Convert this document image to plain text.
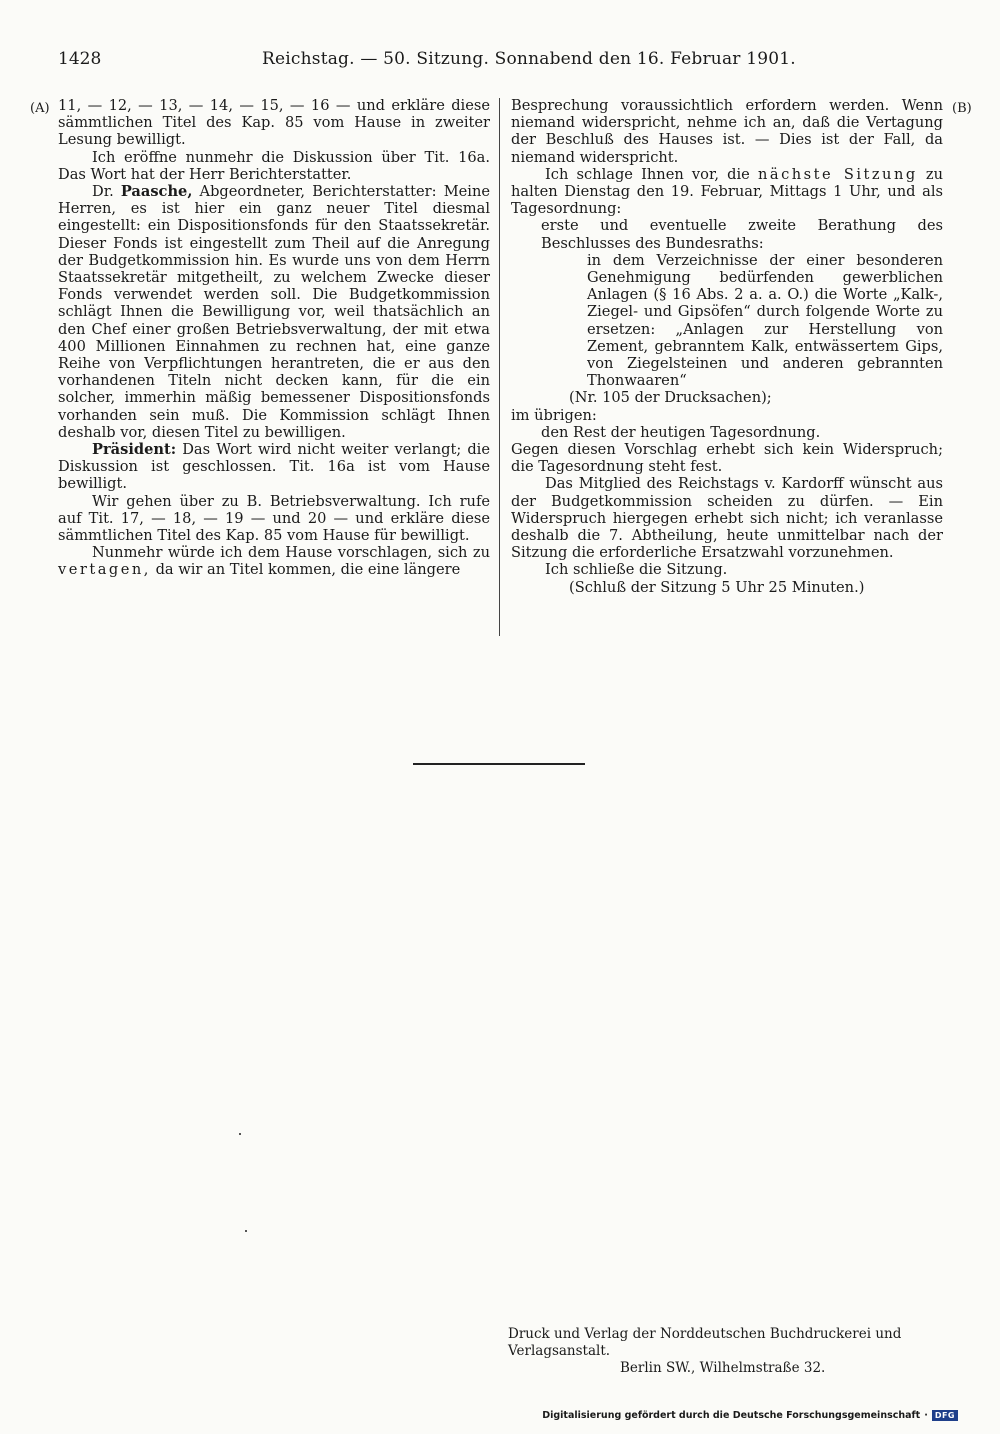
1428	Reichstag. — 50. Sitzung. Sonnabend den 16. Februar 1901.
(A)	(B)

11, — 12, — 13, — 14, — 15, — 16 — und erkläre diese sämmtlichen Titel des Kap. 85 vom Hause in zweiter Lesung bewilligt.

Ich eröffne nunmehr die Diskussion über Tit. 16a. Das Wort hat der Herr Berichterstatter.

Dr. Paasche, Abgeordneter, Berichterstatter: Meine Herren, es ist hier ein ganz neuer Titel diesmal eingestellt: ein Dispositionsfonds für den Staatssekretär. Dieser Fonds ist eingestellt zum Theil auf die Anregung der Budgetkommission hin. Es wurde uns von dem Herrn Staatssekretär mitgetheilt, zu welchem Zwecke dieser Fonds verwendet werden soll. Die Budgetkommission schlägt Ihnen die Bewilligung vor, weil thatsächlich an den Chef einer großen Betriebsverwaltung, der mit etwa 400 Millionen Einnahmen zu rechnen hat, eine ganze Reihe von Verpflichtungen herantreten, die er aus den vorhandenen Titeln nicht decken kann, für die ein solcher, immerhin mäßig bemessener Dispositionsfonds vorhanden sein muß. Die Kommission schlägt Ihnen deshalb vor, diesen Titel zu bewilligen.

Präsident: Das Wort wird nicht weiter verlangt; die Diskussion ist geschlossen. Tit. 16a ist vom Hause bewilligt.

Wir gehen über zu B. Betriebsverwaltung. Ich rufe auf Tit. 17, — 18, — 19 — und 20 — und erkläre diese sämmtlichen Titel des Kap. 85 vom Hause für bewilligt.

Nunmehr würde ich dem Hause vorschlagen, sich zu vertagen, da wir an Titel kommen, die eine längere

Besprechung voraussichtlich erfordern werden. Wenn niemand widerspricht, nehme ich an, daß die Vertagung der Beschluß des Hauses ist. — Dies ist der Fall, da niemand widerspricht.

Ich schlage Ihnen vor, die nächste Sitzung zu halten Dienstag den 19. Februar, Mittags 1 Uhr, und als Tagesordnung:

erste und eventuelle zweite Berathung des Beschlusses des Bundesraths:

in dem Verzeichnisse der einer besonderen Genehmigung bedürfenden gewerblichen Anlagen (§ 16 Abs. 2 a. a. O.) die Worte „Kalk-, Ziegel- und Gipsöfen“ durch folgende Worte zu ersetzen: „Anlagen zur Herstellung von Zement, gebranntem Kalk, entwässertem Gips, von Ziegelsteinen und anderen gebrannten Thonwaaren“

(Nr. 105 der Drucksachen);

im übrigen:

den Rest der heutigen Tagesordnung.

Gegen diesen Vorschlag erhebt sich kein Widerspruch; die Tagesordnung steht fest.

Das Mitglied des Reichstags v. Kardorff wünscht aus der Budgetkommission scheiden zu dürfen. — Ein Widerspruch hiergegen erhebt sich nicht; ich veranlasse deshalb die 7. Abtheilung, heute unmittelbar nach der Sitzung die erforderliche Ersatzwahl vorzunehmen.

Ich schließe die Sitzung.

(Schluß der Sitzung 5 Uhr 25 Minuten.)

Druck und Verlag der Norddeutschen Buchdruckerei und Verlagsanstalt.
Berlin SW., Wilhelmstraße 32.
Digitalisierung gefördert durch die Deutsche Forschungsgemeinschaft · DFG
